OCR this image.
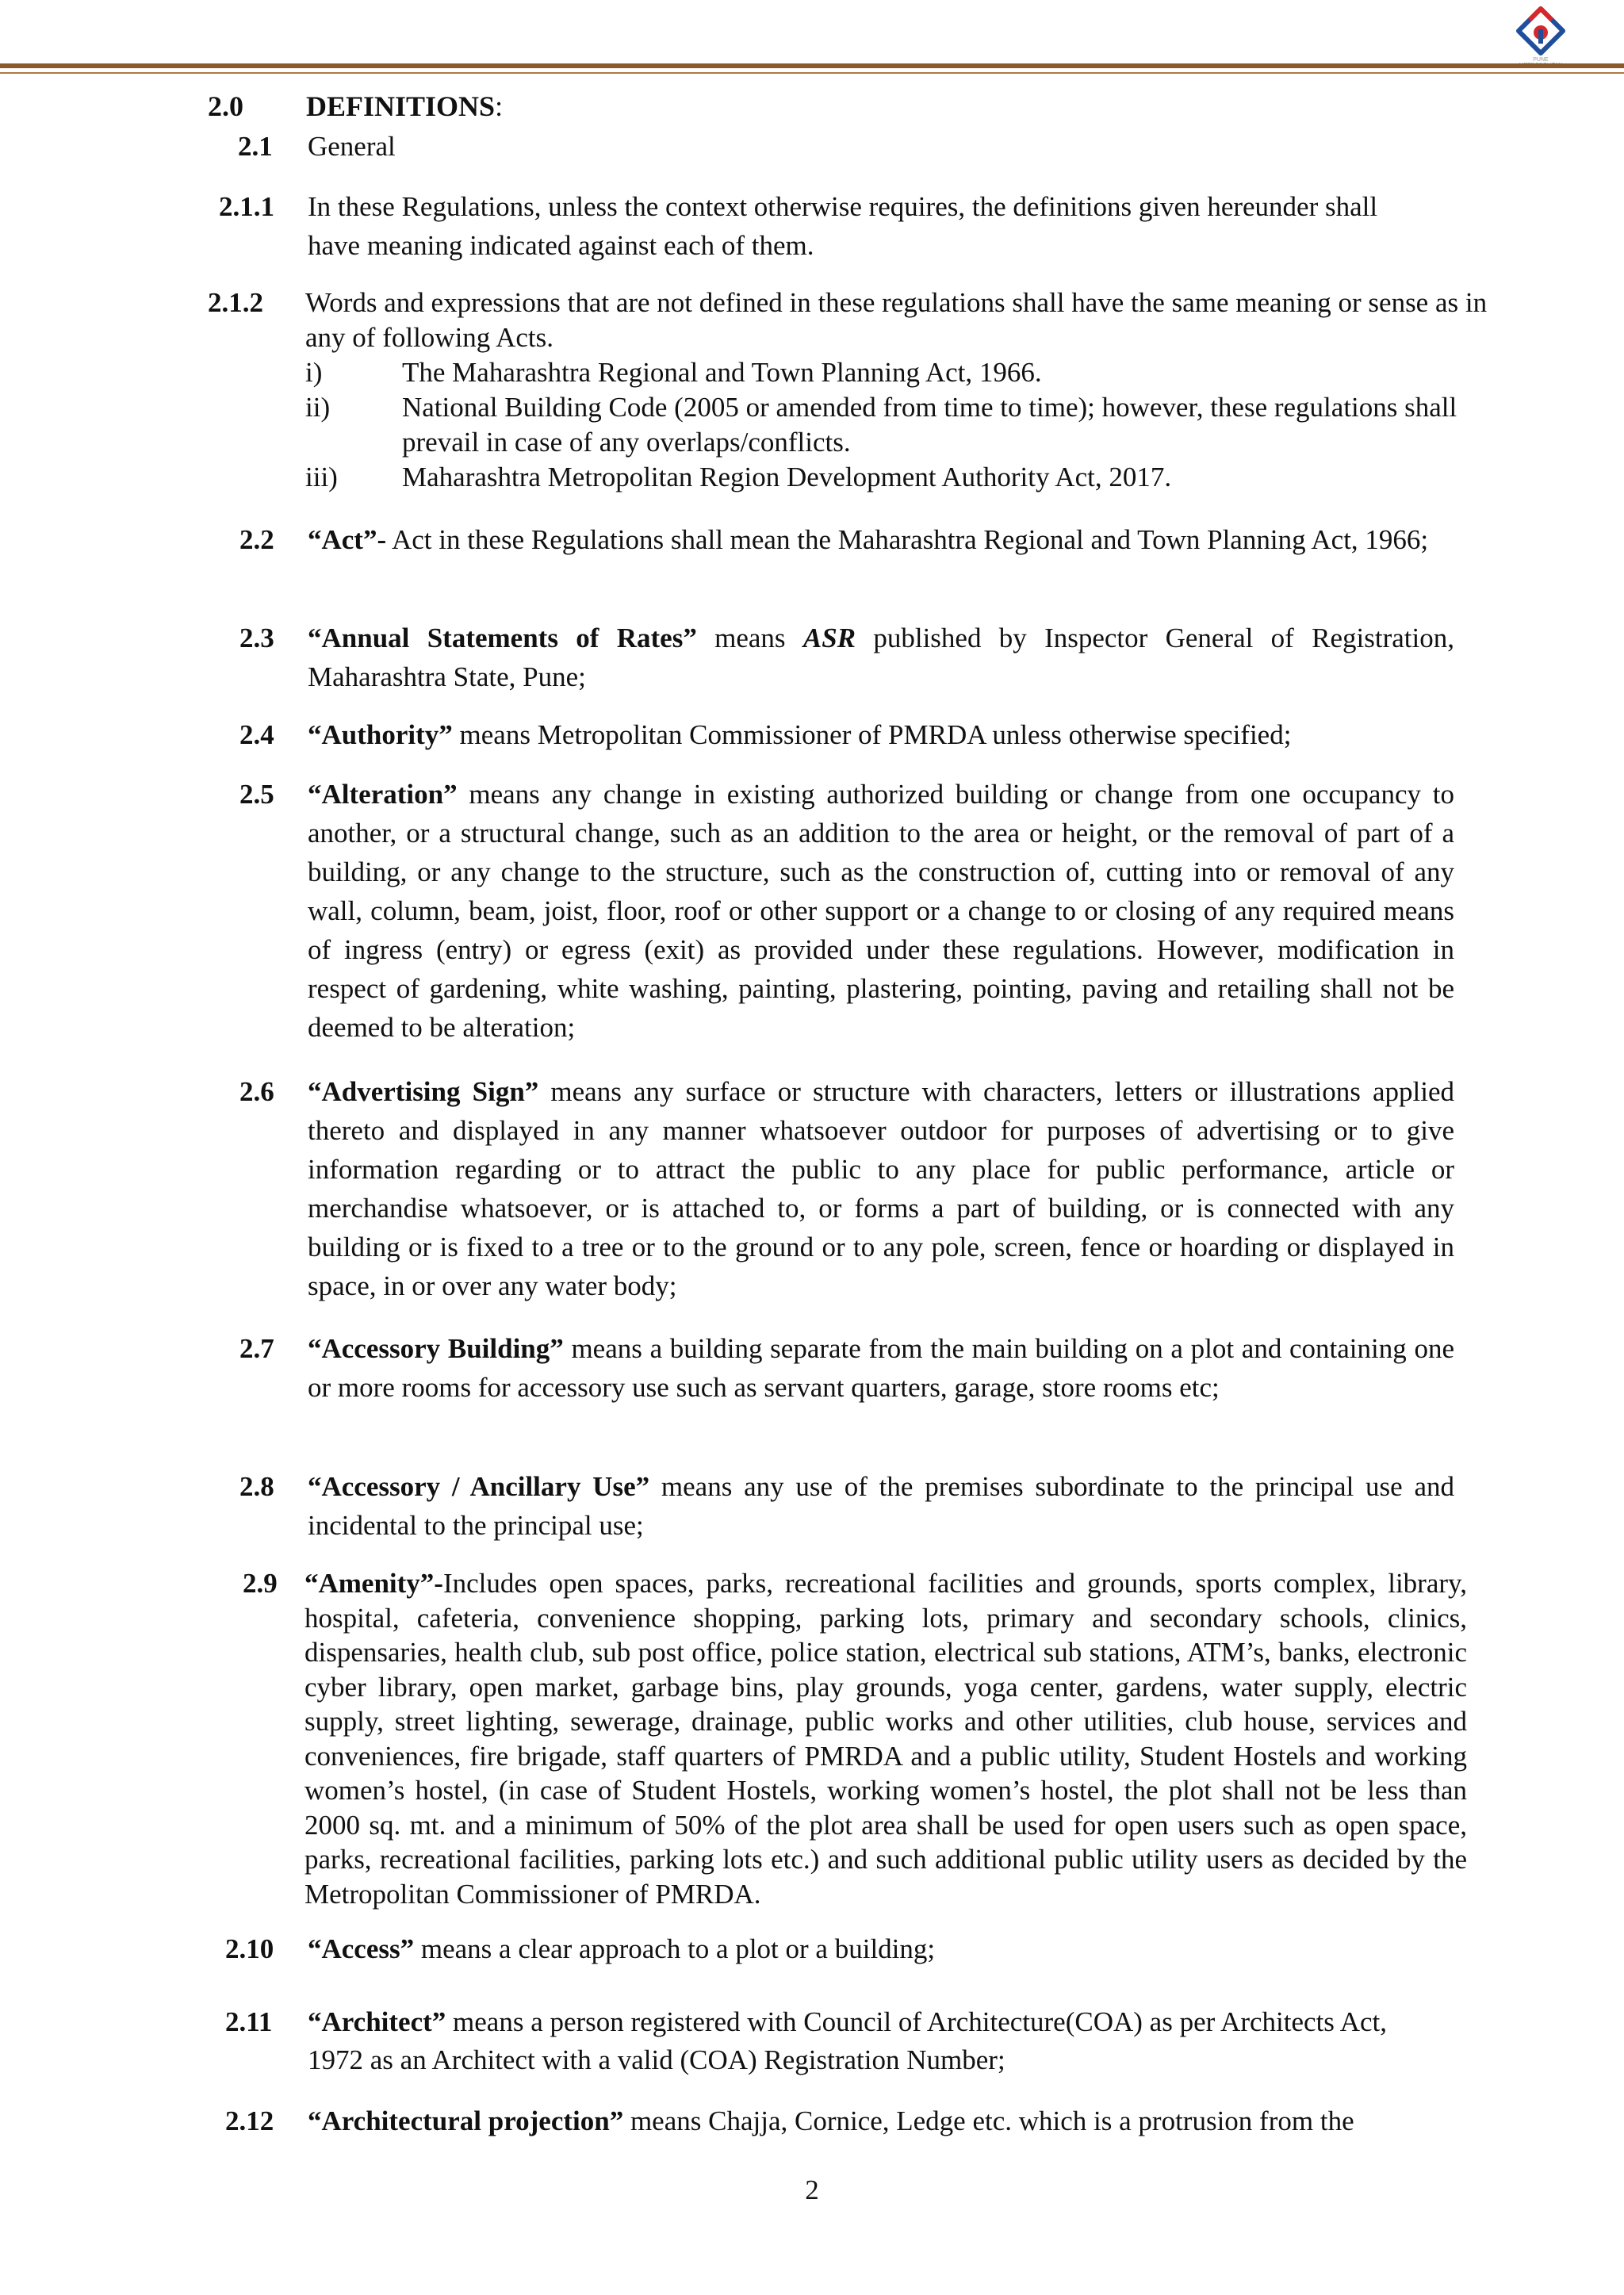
PUNE METROPOLITAN
2.0 DEFINITIONS:
2.1 General
2.1.1 In these Regulations, unless the context otherwise requires, the definitions given hereunder shall have meaning indicated against each of them.
2.1.2 Words and expressions that are not defined in these regulations shall have the same meaning or sense as in any of following Acts.
i)	The Maharashtra Regional and Town Planning Act, 1966.
ii)	National Building Code (2005 or amended from time to time); however, these regulations shall prevail in case of any overlaps/conflicts.
iii) Maharashtra Metropolitan Region Development Authority Act, 2017.
2.2 “Act”- Act in these Regulations shall mean the Maharashtra Regional and Town Planning Act, 1966;
2.3 “Annual Statements of Rates” means ASR published by Inspector General of Registration, Maharashtra State, Pune;
2.4 “Authority” means Metropolitan Commissioner of PMRDA unless otherwise specified;
2.5 “Alteration” means any change in existing authorized building or change from one occupancy to another, or a structural change, such as an addition to the area or height, or the removal of part of a building, or any change to the structure, such as the construction of, cutting into or removal of any wall, column, beam, joist, floor, roof or other support or a change to or closing of any required means of ingress (entry) or egress (exit) as provided under these regulations. However, modification in respect of gardening, white washing, painting, plastering, pointing, paving and retailing shall not be deemed to be alteration;
2.6 “Advertising Sign” means any surface or structure with characters, letters or illustrations applied thereto and displayed in any manner whatsoever outdoor for purposes of advertising or to give information regarding or to attract the public to any place for public performance, article or merchandise whatsoever, or is attached to, or forms a part of building, or is connected with any building or is fixed to a tree or to the ground or to any pole, screen, fence or hoarding or displayed in space, in or over any water body;
2.7 “Accessory Building” means a building separate from the main building on a plot and containing one or more rooms for accessory use such as servant quarters, garage, store rooms etc;
2.8 “Accessory / Ancillary Use” means any use of the premises subordinate to the principal use and incidental to the principal use;
2.9 “Amenity”-Includes open spaces, parks, recreational facilities and grounds, sports complex, library, hospital, cafeteria, convenience shopping, parking lots, primary and secondary schools, clinics, dispensaries, health club, sub post office, police station, electrical sub stations, ATM’s, banks, electronic cyber library, open market, garbage bins, play grounds, yoga center, gardens, water supply, electric supply, street lighting, sewerage, drainage, public works and other utilities, club house, services and conveniences, fire brigade, staff quarters of PMRDA and a public utility, Student Hostels and working women’s hostel, (in case of Student Hostels, working women’s hostel, the plot shall not be less than 2000 sq. mt. and a minimum of 50% of the plot area shall be used for open users such as open space, parks, recreational facilities, parking lots etc.) and such additional public utility users as decided by the Metropolitan Commissioner of PMRDA.
2.10 “Access” means a clear approach to a plot or a building;
2.11 “Architect” means a person registered with Council of Architecture(COA) as per Architects Act, 1972 as an Architect with a valid (COA) Registration Number;
2.12 “Architectural projection” means Chajja, Cornice, Ledge etc. which is a protrusion from the
2
